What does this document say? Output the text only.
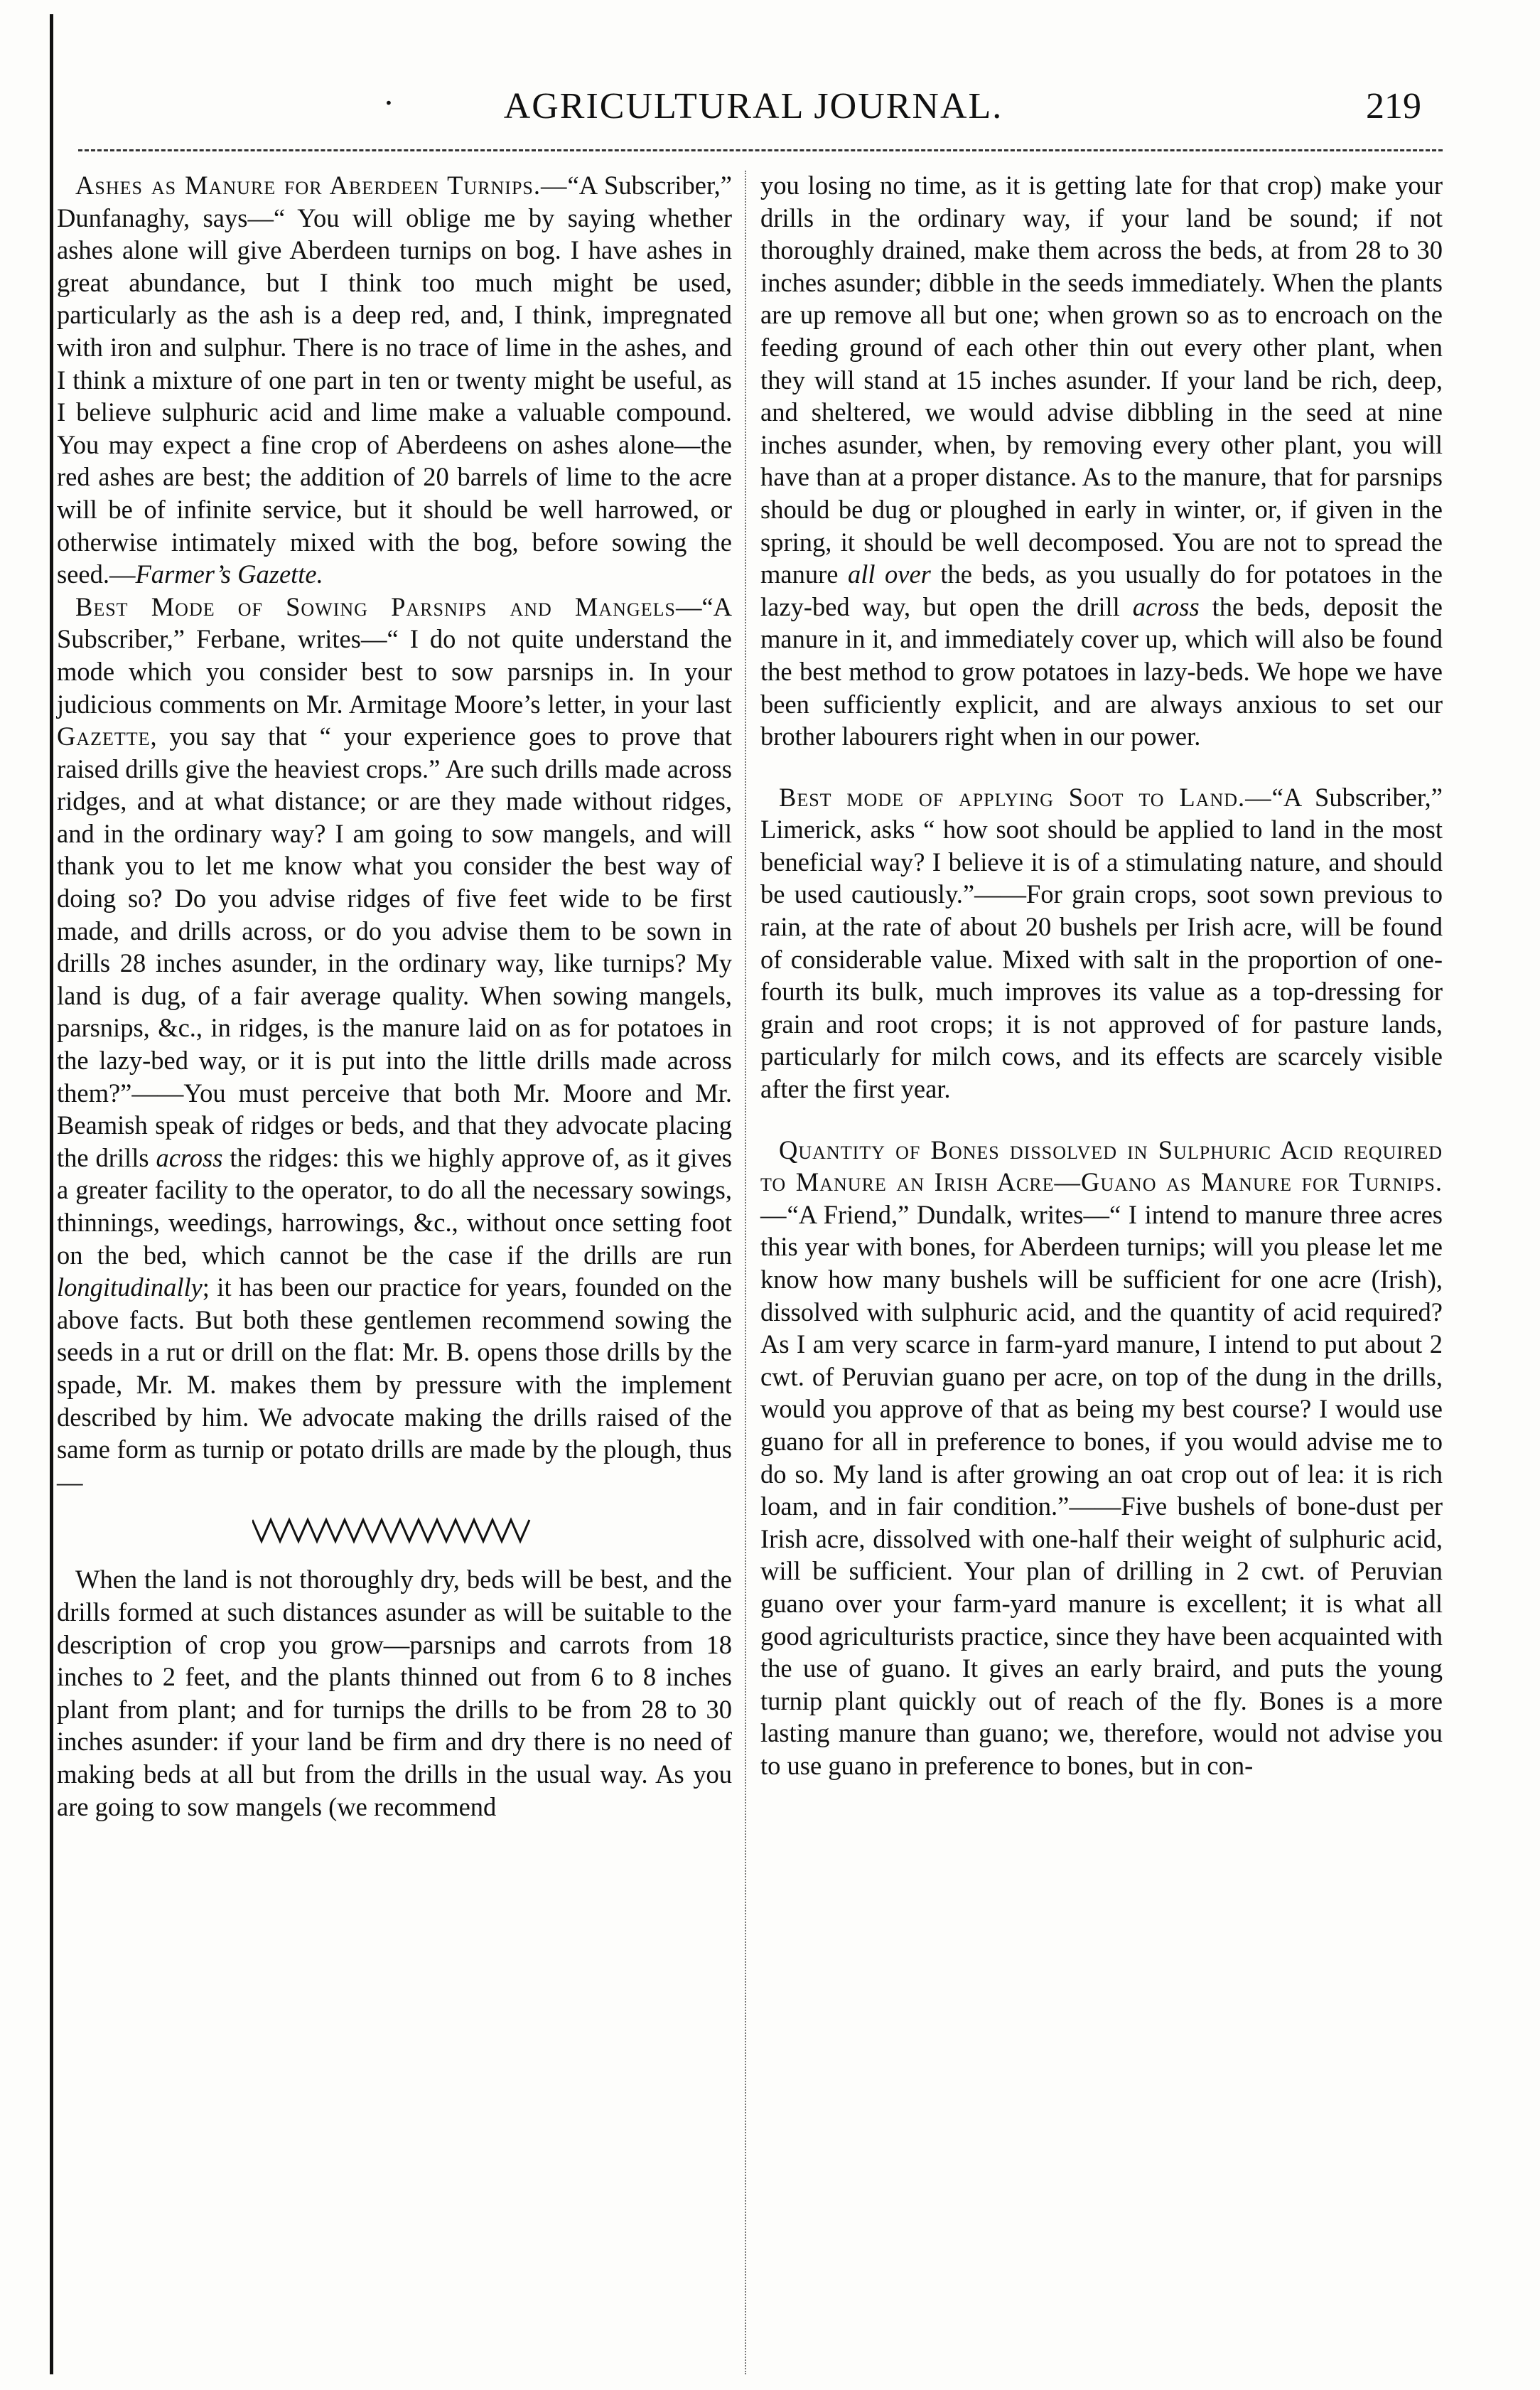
·	AGRICULTURAL JOURNAL.	219

Ashes as Manure for Aberdeen Turnips.—“A Subscriber,” Dunfanaghy, says—“ You will oblige me by saying whether ashes alone will give Aberdeen turnips on bog. I have ashes in great abundance, but I think too much might be used, particularly as the ash is a deep red, and, I think, impregnated with iron and sulphur. There is no trace of lime in the ashes, and I think a mixture of one part in ten or twenty might be useful, as I believe sulphuric acid and lime make a valuable compound. You may expect a fine crop of Aberdeens on ashes alone—the red ashes are best; the addition of 20 barrels of lime to the acre will be of infinite service, but it should be well harrowed, or otherwise intimately mixed with the bog, before sowing the seed.—Farmer’s Gazette.

Best Mode of Sowing Parsnips and Mangels—“A Subscriber,” Ferbane, writes—“ I do not quite understand the mode which you consider best to sow parsnips in. In your judicious comments on Mr. Armitage Moore’s letter, in your last Gazette, you say that “ your experience goes to prove that raised drills give the heaviest crops.” Are such drills made across ridges, and at what distance; or are they made without ridges, and in the ordinary way? I am going to sow mangels, and will thank you to let me know what you consider the best way of doing so? Do you advise ridges of five feet wide to be first made, and drills across, or do you advise them to be sown in drills 28 inches asunder, in the ordinary way, like turnips? My land is dug, of a fair average quality. When sowing mangels, parsnips, &c., in ridges, is the manure laid on as for potatoes in the lazy-bed way, or it is put into the little drills made across them?”——You must perceive that both Mr. Moore and Mr. Beamish speak of ridges or beds, and that they advocate placing the drills across the ridges: this we highly approve of, as it gives a greater facility to the operator, to do all the necessary sowings, thinnings, weedings, harrowings, &c., without once setting foot on the bed, which cannot be the case if the drills are run longitudinally; it has been our practice for years, founded on the above facts. But both these gentlemen recommend sowing the seeds in a rut or drill on the flat: Mr. B. opens those drills by the spade, Mr. M. makes them by pressure with the implement described by him. We advocate making the drills raised of the same form as turnip or potato drills are made by the plough, thus—

When the land is not thoroughly dry, beds will be best, and the drills formed at such distances asunder as will be suitable to the description of crop you grow—parsnips and carrots from 18 inches to 2 feet, and the plants thinned out from 6 to 8 inches plant from plant; and for turnips the drills to be from 28 to 30 inches asunder: if your land be firm and dry there is no need of making beds at all but from the drills in the usual way. As you are going to sow mangels (we recommend

you losing no time, as it is getting late for that crop) make your drills in the ordinary way, if your land be sound; if not thoroughly drained, make them across the beds, at from 28 to 30 inches asunder; dibble in the seeds immediately. When the plants are up remove all but one; when grown so as to encroach on the feeding ground of each other thin out every other plant, when they will stand at 15 inches asunder. If your land be rich, deep, and sheltered, we would advise dibbling in the seed at nine inches asunder, when, by removing every other plant, you will have than at a proper distance. As to the manure, that for parsnips should be dug or ploughed in early in winter, or, if given in the spring, it should be well decomposed. You are not to spread the manure all over the beds, as you usually do for potatoes in the lazy-bed way, but open the drill across the beds, deposit the manure in it, and immediately cover up, which will also be found the best method to grow potatoes in lazy-beds. We hope we have been sufficiently explicit, and are always anxious to set our brother labourers right when in our power.

Best mode of applying Soot to Land.—“A Subscriber,” Limerick, asks “ how soot should be applied to land in the most beneficial way? I believe it is of a stimulating nature, and should be used cautiously.”——For grain crops, soot sown previous to rain, at the rate of about 20 bushels per Irish acre, will be found of considerable value. Mixed with salt in the proportion of one-fourth its bulk, much improves its value as a top-dressing for grain and root crops; it is not approved of for pasture lands, particularly for milch cows, and its effects are scarcely visible after the first year.

Quantity of Bones dissolved in Sulphuric Acid required to Manure an Irish Acre—Guano as Manure for Turnips.—“A Friend,” Dundalk, writes—“ I intend to manure three acres this year with bones, for Aberdeen turnips; will you please let me know how many bushels will be sufficient for one acre (Irish), dissolved with sulphuric acid, and the quantity of acid required? As I am very scarce in farm-yard manure, I intend to put about 2 cwt. of Peruvian guano per acre, on top of the dung in the drills, would you approve of that as being my best course? I would use guano for all in preference to bones, if you would advise me to do so. My land is after growing an oat crop out of lea: it is rich loam, and in fair condition.”——Five bushels of bone-dust per Irish acre, dissolved with one-half their weight of sulphuric acid, will be sufficient. Your plan of drilling in 2 cwt. of Peruvian guano over your farm-yard manure is excellent; it is what all good agriculturists practice, since they have been acquainted with the use of guano. It gives an early braird, and puts the young turnip plant quickly out of reach of the fly. Bones is a more lasting manure than guano; we, therefore, would not advise you to use guano in preference to bones, but in con-
